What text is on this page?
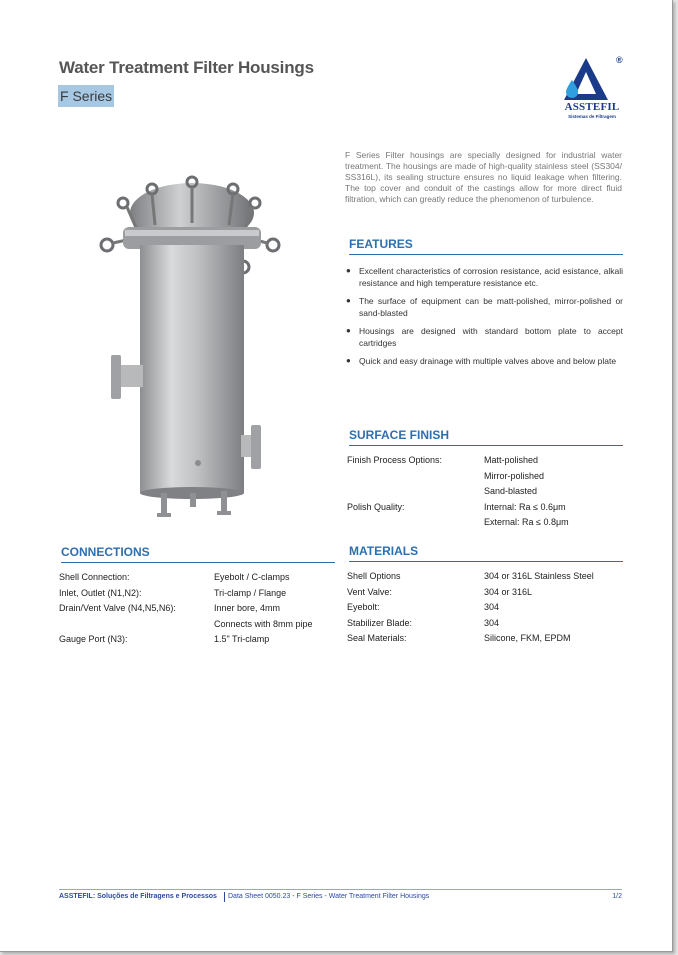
Water Treatment Filter Housings
F Series
®
ASSTEFIL
Sistemas de Filtragem
F Series Filter housings are specially designed for industrial water treatment. The housings are made of high-quality stainless steel (SS304/ SS316L), its sealing structure ensures no liquid leakage when filtering. The top cover and conduit of the castings allow for more direct fluid filtration, which can greatly reduce the phenomenon of turbulence.
FEATURES
● Excellent characteristics of corrosion resistance, acid esistance, alkali resistance and high temperature resistance etc.
● The surface of equipment can be matt-polished, mirror-polished or sand-blasted
● Housings are designed with standard bottom plate to accept cartridges
● Quick and easy drainage with multiple valves above and below plate
SURFACE FINISH
Finish Process Options:	Matt-polished
Mirror-polished
Sand-blasted
Polish Quality:	Internal: Ra ≤ 0.6μm
External: Ra ≤ 0.8μm
CONNECTIONS
Shell Connection:	Eyebolt / C-clamps
Inlet, Outlet (N1,N2):	Tri-clamp / Flange
Drain/Vent Valve (N4,N5,N6):	Inner bore, 4mm
Connects with 8mm pipe
Gauge Port (N3):	1.5" Tri-clamp
MATERIALS
Shell Options	304 or 316L Stainless Steel
Vent Valve:	304 or 316L
Eyebolt:	304
Stabilizer Blade:	304
Seal Materials:	Silicone, FKM, EPDM
ASSTEFIL: Soluções de Filtragens e Processos Data Sheet 0050.23 - F Series - Water Treatment Filter Housings	1/2
